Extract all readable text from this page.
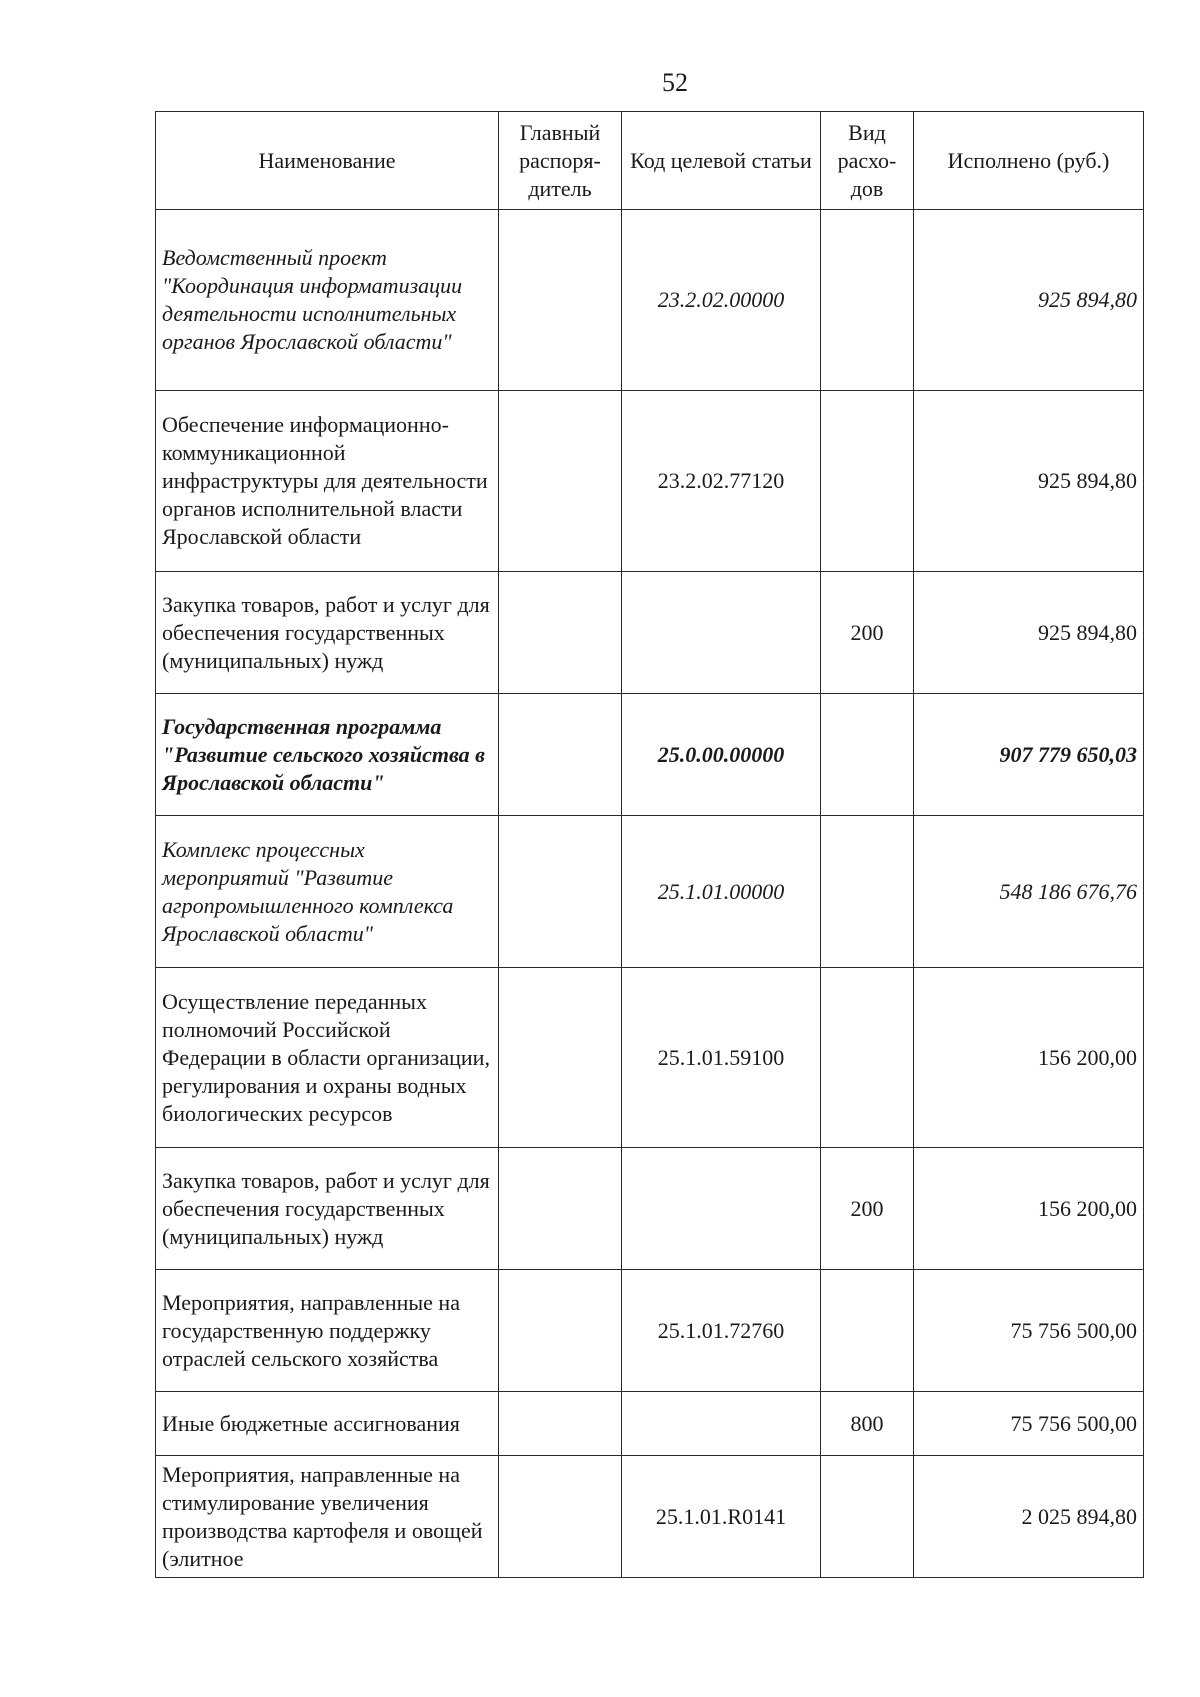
52
Наименование	Главный распоря-дитель	Код целевой статьи	Вид расхо-дов	Исполнено (руб.)
Ведомственный проект "Координация информатизации деятельности исполнительных органов Ярославской области"		23.2.02.00000		925 894,80
Обеспечение информационно-коммуникационной инфраструктуры для деятельности органов исполнительной власти Ярославской области		23.2.02.77120		925 894,80
Закупка товаров, работ и услуг для обеспечения государственных (муниципальных) нужд			200	925 894,80
Государственная программа "Развитие сельского хозяйства в Ярославской области"		25.0.00.00000		907 779 650,03
Комплекс процессных мероприятий "Развитие агропромышленного комплекса Ярославской области"		25.1.01.00000		548 186 676,76
Осуществление переданных полномочий Российской Федерации в области организации, регулирования и охраны водных биологических ресурсов		25.1.01.59100		156 200,00
Закупка товаров, работ и услуг для обеспечения государственных (муниципальных) нужд			200	156 200,00
Мероприятия, направленные на государственную поддержку отраслей сельского хозяйства		25.1.01.72760		75 756 500,00
Иные бюджетные ассигнования			800	75 756 500,00
Мероприятия, направленные на стимулирование увеличения производства картофеля и овощей (элитное		25.1.01.R0141		2 025 894,80
